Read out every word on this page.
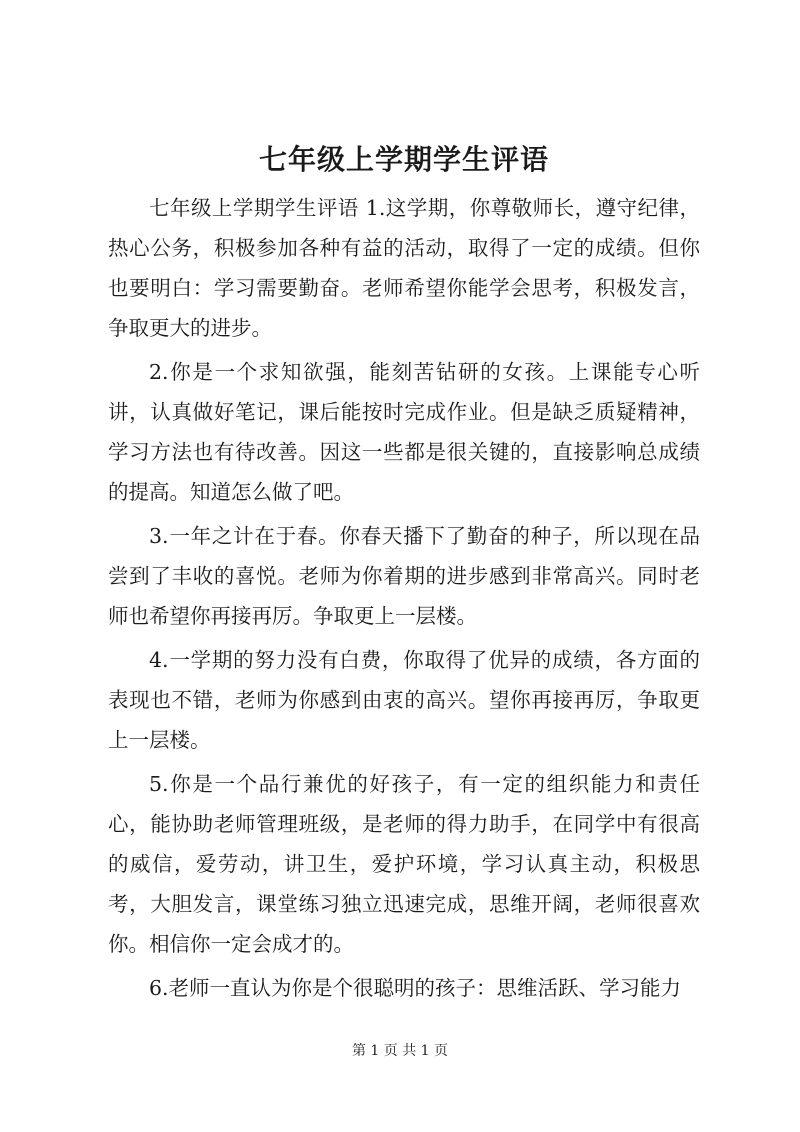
七年级上学期学生评语

七年级上学期学生评语 1.这学期，你尊敬师长，遵守纪律，热心公务，积极参加各种有益的活动，取得了一定的成绩。但你也要明白：学习需要勤奋。老师希望你能学会思考，积极发言，争取更大的进步。

2.你是一个求知欲强，能刻苦钻研的女孩。上课能专心听讲，认真做好笔记，课后能按时完成作业。但是缺乏质疑精神，学习方法也有待改善。因这一些都是很关键的，直接影响总成绩的提高。知道怎么做了吧。

3.一年之计在于春。你春天播下了勤奋的种子，所以现在品尝到了丰收的喜悦。老师为你着期的进步感到非常高兴。同时老师也希望你再接再厉。争取更上一层楼。

4.一学期的努力没有白费，你取得了优异的成绩，各方面的表现也不错，老师为你感到由衷的高兴。望你再接再厉，争取更上一层楼。

5.你是一个品行兼优的好孩子，有一定的组织能力和责任心，能协助老师管理班级，是老师的得力助手，在同学中有很高的威信，爱劳动，讲卫生，爱护环境，学习认真主动，积极思考，大胆发言，课堂练习独立迅速完成，思维开阔，老师很喜欢你。相信你一定会成才的。

6.老师一直认为你是个很聪明的孩子：思维活跃、学习能力

第 1 页 共 1 页
